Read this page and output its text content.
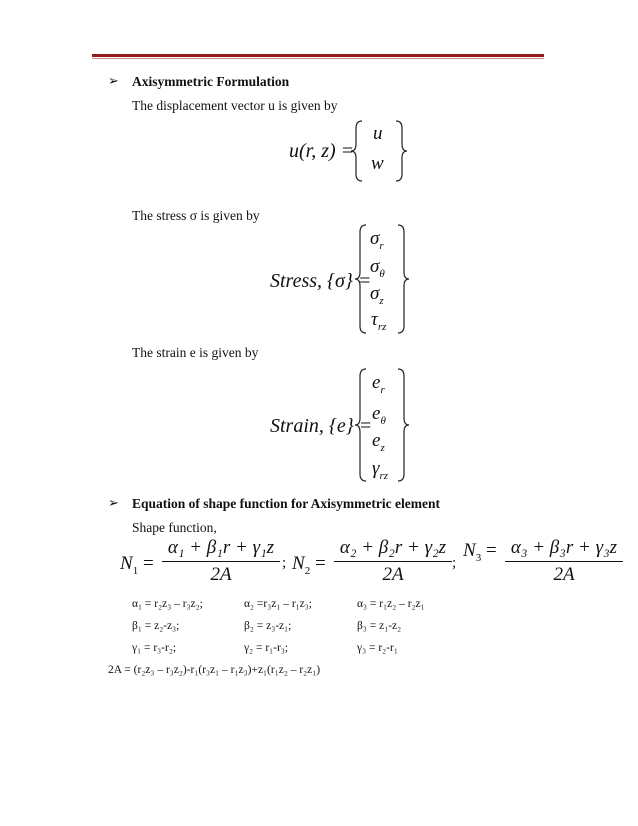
➢ Axisymmetric Formulation
The displacement vector u is given by
u(r, z) =
u
w
The stress σ is given by
Stress, {σ} =
$\sigma_r$
$\sigma_\theta$
$\sigma_z$
$\tau_{rz}$
The strain e is given by
Strain, {e} =
$e_r$
$e_\theta$
$e_z$
$\gamma_{rz}$
➢ Equation of shape function for Axisymmetric element
Shape function,
$N_1$ =
α₁ + β₁r + γ₁z
2A
; $N_2$ =
α₂ + β₂r + γ₂z
2A
;
$N_3 = \alpha_3 + \beta_3r + \gamma_3z$
2A
α₁ = r₂z₃ – r₃z₂;	α₂ =r₃z₁ – r₁z₃;	α₃ = r₁z₂ – r₂z₁
β₁ = z₂-z₃;	β₂ = z₃-z₁;	β₃ = z₁-z₂
γ₁ = r₃-r₂;	γ₂ = r₁-r₃;	γ₃ = r₂-r₁
2A = (r₂z₃ – r₃z₂)-r₁(r₃z₁ – r₁z₃)+z₁(r₁z₂ – r₂z₁)
